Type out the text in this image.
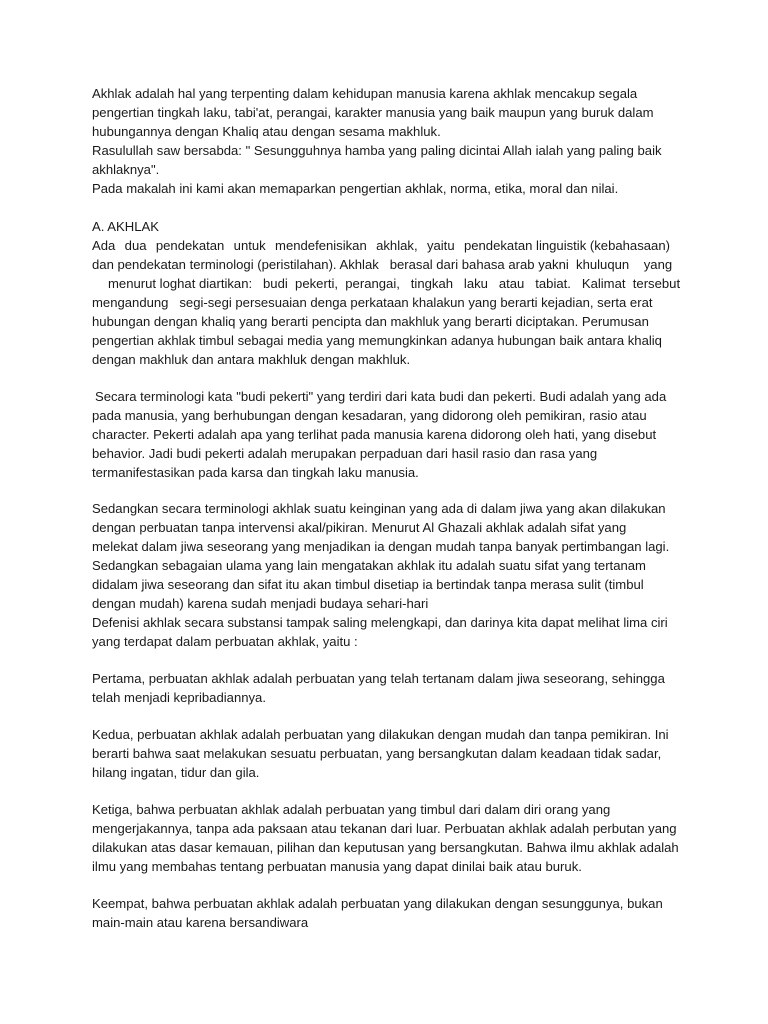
Akhlak adalah hal yang terpenting dalam kehidupan manusia karena akhlak mencakup segala
pengertian tingkah laku, tabi'at, perangai, karakter manusia yang baik maupun yang buruk dalam
hubungannya dengan Khaliq atau dengan sesama makhluk.
Rasulullah saw bersabda: " Sesungguhnya hamba yang paling dicintai Allah ialah yang paling baik
akhlaknya".
Pada makalah ini kami akan memaparkan pengertian akhlak, norma, etika, moral dan nilai.
A. AKHLAK
Ada dua pendekatan untuk mendefenisikan akhlak, yaitu pendekatan linguistik (kebahasaan)
dan pendekatan terminologi (peristilahan). Akhlak   berasal dari bahasa arab yakni  khuluqun    yang
menurut loghat diartikan:   budi  pekerti,  perangai,   tingkah   laku   atau   tabiat.   Kalimat  tersebut
mengandung   segi-segi persesuaian denga perkataan khalakun yang berarti kejadian, serta erat
hubungan dengan khaliq yang berarti pencipta dan makhluk yang berarti diciptakan. Perumusan
pengertian akhlak timbul sebagai media yang memungkinkan adanya hubungan baik antara khaliq
dengan makhluk dan antara makhluk dengan makhluk.
Secara terminologi kata "budi pekerti" yang terdiri dari kata budi dan pekerti. Budi adalah yang ada
pada manusia, yang berhubungan dengan kesadaran, yang didorong oleh pemikiran, rasio atau
character. Pekerti adalah apa yang terlihat pada manusia karena didorong oleh hati, yang disebut
behavior. Jadi budi pekerti adalah merupakan perpaduan dari hasil rasio dan rasa yang
termanifestasikan pada karsa dan tingkah laku manusia.
Sedangkan secara terminologi akhlak suatu keinginan yang ada di dalam jiwa yang akan dilakukan
dengan perbuatan tanpa intervensi akal/pikiran. Menurut Al Ghazali akhlak adalah sifat yang
melekat dalam jiwa seseorang yang menjadikan ia dengan mudah tanpa banyak pertimbangan lagi.
Sedangkan sebagaian ulama yang lain mengatakan akhlak itu adalah suatu sifat yang tertanam
didalam jiwa seseorang dan sifat itu akan timbul disetiap ia bertindak tanpa merasa sulit (timbul
dengan mudah) karena sudah menjadi budaya sehari-hari
Defenisi akhlak secara substansi tampak saling melengkapi, dan darinya kita dapat melihat lima ciri
yang terdapat dalam perbuatan akhlak, yaitu :
Pertama, perbuatan akhlak adalah perbuatan yang telah tertanam dalam jiwa seseorang, sehingga
telah menjadi kepribadiannya.
Kedua, perbuatan akhlak adalah perbuatan yang dilakukan dengan mudah dan tanpa pemikiran. Ini
berarti bahwa saat melakukan sesuatu perbuatan, yang bersangkutan dalam keadaan tidak sadar,
hilang ingatan, tidur dan gila.
Ketiga, bahwa perbuatan akhlak adalah perbuatan yang timbul dari dalam diri orang yang
mengerjakannya, tanpa ada paksaan atau tekanan dari luar. Perbuatan akhlak adalah perbutan yang
dilakukan atas dasar kemauan, pilihan dan keputusan yang bersangkutan. Bahwa ilmu akhlak adalah
ilmu yang membahas tentang perbuatan manusia yang dapat dinilai baik atau buruk.
Keempat, bahwa perbuatan akhlak adalah perbuatan yang dilakukan dengan sesunggunya, bukan
main-main atau karena bersandiwara
